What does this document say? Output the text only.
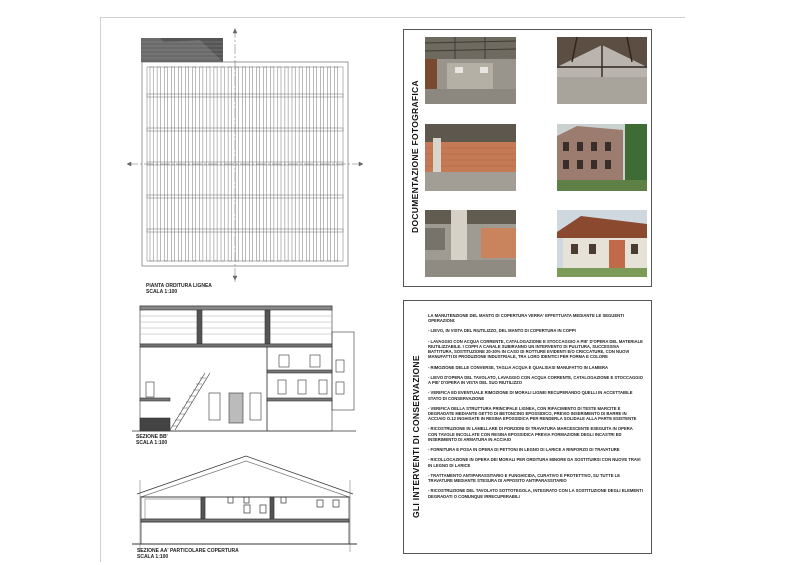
PIANTA ORDITURA LIGNEA
SCALA 1:100
SEZIONE BB'
SCALA 1:100
SEZIONE AA' PARTICOLARE COPERTURA
SCALA 1:100
DOCUMENTAZIONE FOTOGRAFICA
GLI INTERVENTI DI CONSERVAZIONE

LA MANUTENZIONE DEL MANTO DI COPERTURA VERRA' EFFETTUATA MEDIANTE LE SEGUENTI OPERAZIONI:

- LIEVO, IN VISTA DEL RIUTILIZZO, DEL MANTO DI COPERTURA IN COPPI

- LAVAGGIO CON ACQUA CORRENTE, CATALOGAZIONE E STOCCAGGIO A PIE' D'OPERA DEL MATERIALE RIUTILIZZABILE. I COPPI A CANALE SUBIRANNO UN INTERVENTO DI PULITURA, SUCCESSIVA BATTITURA, SOSTITUZIONE 20-30% IN CASO DI ROTTURE EVIDENTI E/O CRICCATURE, CON NUOVI MANUFATTI DI PRODUZIONE INDUSTRIALE, TRA LORO IDENTICI PER FORMA E COLORE

- RIMOZIONE DELLE CONVERSE, TAGLIA ACQUA E QUALSIASI MANUFATTO IN LAMIERA

- LIEVO D'OPERA DEL TAVOLATO, LAVAGGIO CON ACQUA CORRENTE, CATALOGAZIONE E STOCCAGGIO A PIE' D'OPERA IN VISTA DEL SUO RIUTILIZZO

- VERIFICA ED EVENTUALE RIMOZIONE DI MORALI LIGNEI RECUPERANDO QUELLI IN ACCETTABILE STATO DI CONSERVAZIONE

- VERIFICA DELLA STRUTTURA PRINCIPALE LIGNEA, CON RIFACIMENTO DI TESTE MARCITE E DEGRADATE MEDIANTE GETTO DI BETONCINO EPOSSIDICO, PREVIO INSERIMENTO DI BARRE IN ACCIAIO O.12 INGHISATE IN RESINA EPOSSIDICA PER RENDERLA SOLIDALE ALLA PARTE ESISTENTE

- RICOSTRUZIONE IN LAMELLARE DI PORZIONI DI TRAVATURA MARCESCENTE ESEGUITA IN OPERA CON TAVOLE INCOLLATE CON RESINA EPOSSIDICA PREVIA FORMAZIONE DEGLI INCASTRI ED INSERIMENTO DI ARMATURA IN ACCIAIO

- FORNITURA E POSA IN OPERA DI PETTONI IN LEGNO DI LARICE A RINFORZO DI TRAVATURE

- RICOLLOCAZIONE IN OPERA DEI MORALI PER ORDITURA MINORE DA SOSTITUIRSI CON NUOVE TRAVI IN LEGNO DI LARICE

- TRATTAMENTO ANTIPARASSITARIO E FUNGHICIDA, CURATIVO E PROTETTIVO, SU TUTTE LE TRAVATURE MEDIANTE STESURA DI APPOSITO ANTIPARASSITARIO

- RICOSTRUZIONE DEL TAVOLATO SOTTOTEGOLA, INTEGRATO CON LA SOSTITUZIONE DEGLI ELEMENTI DEGRADATI O COMUNQUE IRRECUPERABILI
